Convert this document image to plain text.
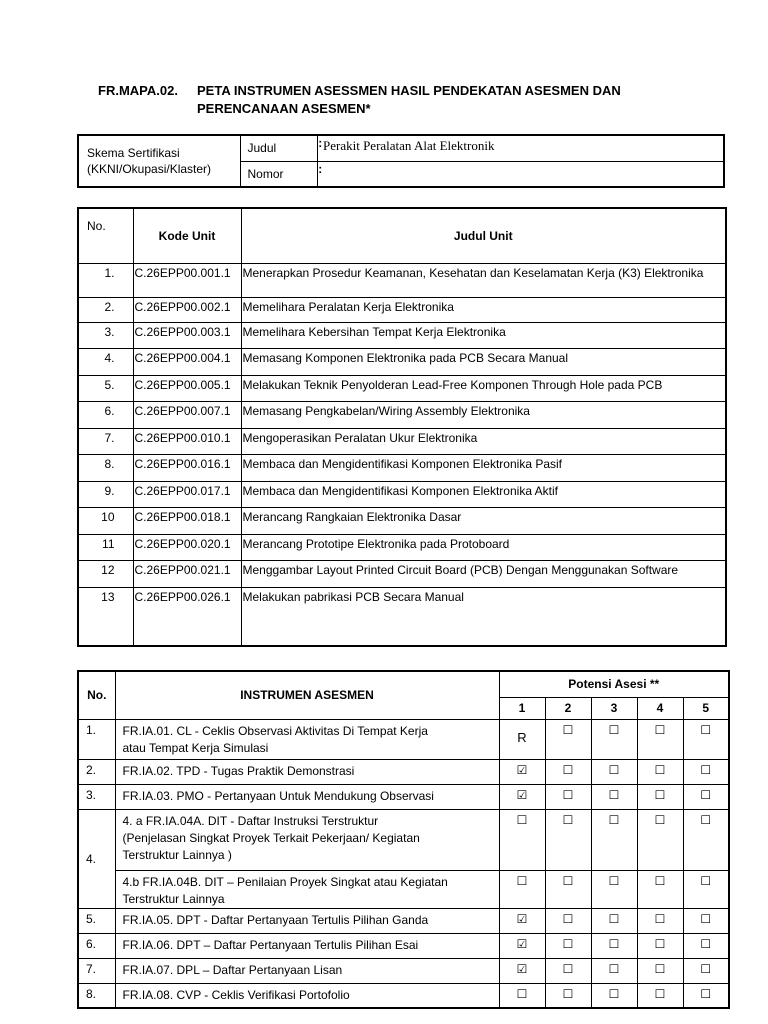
FR.MAPA.02.	PETA INSTRUMEN ASESSMEN HASIL PENDEKATAN ASESMEN DAN
PERENCANAAN ASESMEN*
Skema Sertifikasi
(KKNI/Okupasi/Klaster)	Judul	:	Perakit Peralatan Alat Elektronik
	Nomor	:	
No.	Kode Unit	Judul Unit
1.	C.26EPP00.001.1	Menerapkan Prosedur Keamanan, Kesehatan dan Keselamatan Kerja (K3) Elektronika
2.	C.26EPP00.002.1	Memelihara Peralatan Kerja Elektronika
3.	C.26EPP00.003.1	Memelihara Kebersihan Tempat Kerja Elektronika
4.	C.26EPP00.004.1	Memasang Komponen Elektronika pada PCB Secara Manual
5.	C.26EPP00.005.1	Melakukan Teknik Penyolderan Lead-Free Komponen Through Hole pada PCB
6.	C.26EPP00.007.1	Memasang Pengkabelan/Wiring Assembly Elektronika
7.	C.26EPP00.010.1	Mengoperasikan Peralatan Ukur Elektronika
8.	C.26EPP00.016.1	Membaca dan Mengidentifikasi Komponen Elektronika Pasif
9.	C.26EPP00.017.1	Membaca dan Mengidentifikasi Komponen Elektronika Aktif
10	C.26EPP00.018.1	Merancang Rangkaian Elektronika Dasar
11	C.26EPP00.020.1	Merancang Prototipe Elektronika pada Protoboard
12	C.26EPP00.021.1	Menggambar Layout Printed Circuit Board (PCB) Dengan Menggunakan Software
13	C.26EPP00.026.1	Melakukan pabrikasi PCB Secara Manual
No.	INSTRUMEN ASESMEN	Potensi Asesi **				
		1	2	3	4	5
1.	FR.IA.01. CL - Ceklis Observasi Aktivitas Di Tempat Kerja
atau Tempat Kerja Simulasi	R	☐	☐	☐	☐
2.	FR.IA.02. TPD - Tugas Praktik Demonstrasi	☑	☐	☐	☐	☐
3.	FR.IA.03. PMO - Pertanyaan Untuk Mendukung Observasi	☑	☐	☐	☐	☐
4.	4. a FR.IA.04A. DIT - Daftar Instruksi Terstruktur
(Penjelasan Singkat Proyek Terkait Pekerjaan/ Kegiatan
Terstruktur Lainnya )	☐	☐	☐	☐	☐

	4.b FR.IA.04B. DIT – Penilaian Proyek Singkat atau Kegiatan
Terstruktur Lainnya	☐	☐	☐	☐	☐
5.	FR.IA.05. DPT - Daftar Pertanyaan Tertulis Pilihan Ganda	☑	☐	☐	☐	☐
6.	FR.IA.06. DPT – Daftar Pertanyaan Tertulis Pilihan Esai	☑	☐	☐	☐	☐
7.	FR.IA.07. DPL – Daftar Pertanyaan Lisan	☑	☐	☐	☐	☐
8.	FR.IA.08. CVP - Ceklis Verifikasi Portofolio	☐	☐	☐	☐	☐
